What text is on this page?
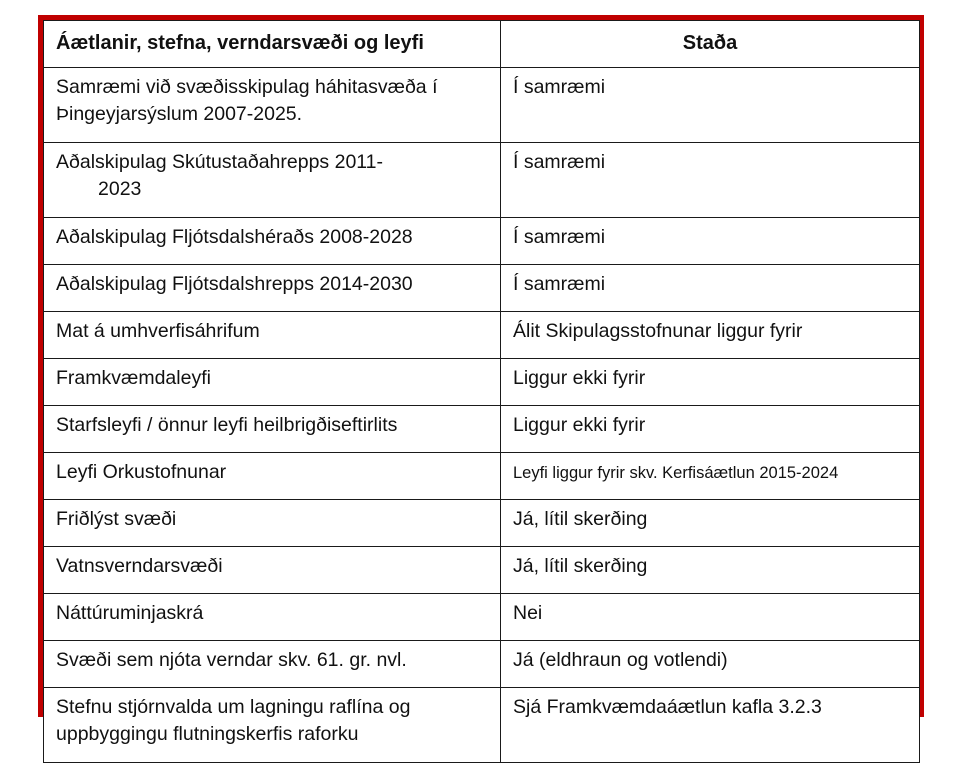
Áætlanir, stefna, verndarsvæði og leyfi	Staða
Samræmi við svæðisskipulag háhitasvæða í Þingeyjarsýslum 2007-2025.	Í samræmi
Aðalskipulag Skútustaðahrepps 2011-
2023	Í samræmi
Aðalskipulag Fljótsdalshéraðs 2008-2028	Í samræmi
Aðalskipulag Fljótsdalshrepps 2014-2030	Í samræmi
Mat á umhverfisáhrifum	Álit Skipulagsstofnunar liggur fyrir
Framkvæmdaleyfi	Liggur ekki fyrir
Starfsleyfi / önnur leyfi heilbrigðiseftirlits	Liggur ekki fyrir
Leyfi Orkustofnunar	Leyfi liggur fyrir skv. Kerfisáætlun 2015-2024
Friðlýst svæði	Já, lítil skerðing
Vatnsverndarsvæði	Já, lítil skerðing
Náttúruminjaskrá	Nei
Svæði sem njóta verndar skv. 61. gr. nvl.	Já (eldhraun og votlendi)
Stefnu stjórnvalda um lagningu raflína og uppbyggingu flutningskerfis raforku	Sjá Framkvæmdaáætlun kafla 3.2.3
